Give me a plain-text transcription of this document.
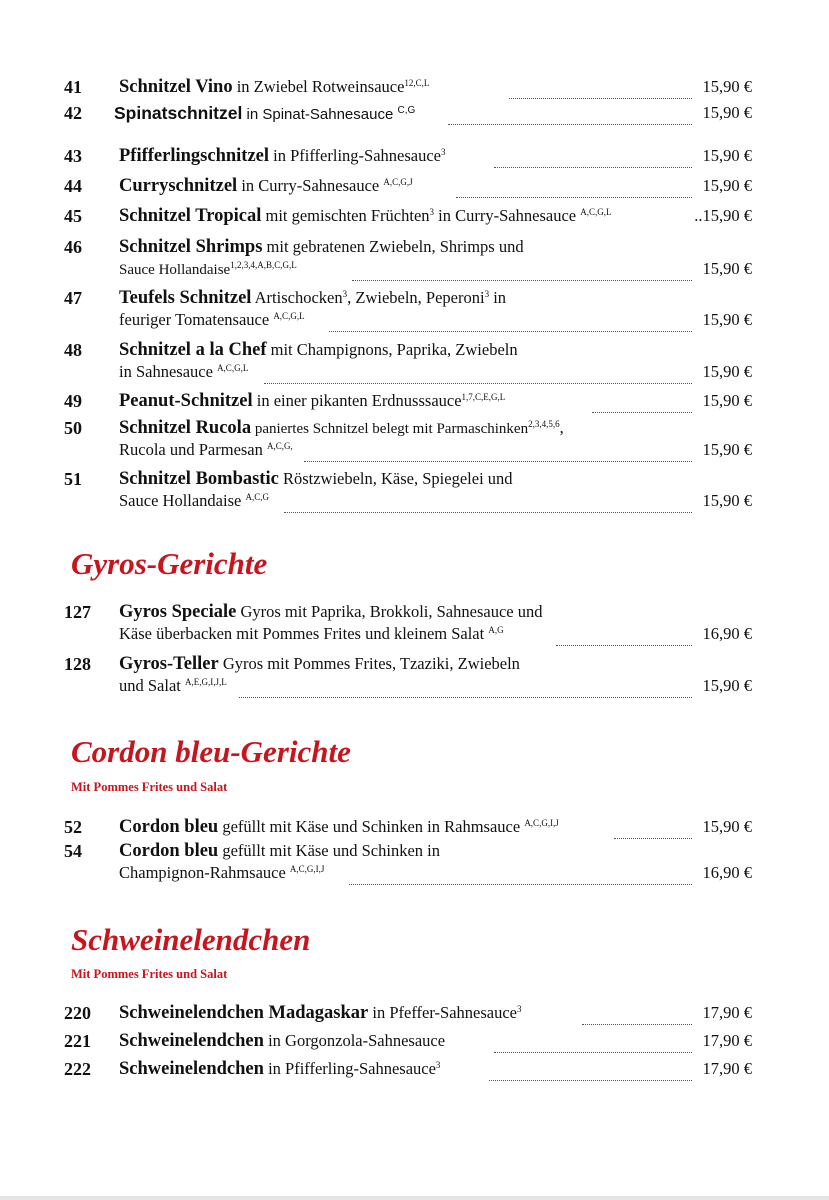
41 Schnitzel Vino in Zwiebel Rotweinsauce$^{12,C,L}$	15,90 €
42 Spinatschnitzel in Spinat-Sahnesauce $^{C,G}$	15,90 €
43 Pfifferlingschnitzel in Pfifferling-Sahnesauce$^3$	15,90 €
44 Curryschnitzel in Curry-Sahnesauce $^{A,C,G,J}$	15,90 €
45 Schnitzel Tropical mit gemischten Früchten$^3$ in Curry-Sahnesauce $^{A,C,G,L}$	..15,90 €
46 Schnitzel Shrimps mit gebratenen Zwiebeln, Shrimps und
Sauce Hollandaise$^{1,2,3,4,A,B,C,G,L}$	15,90 €
47 Teufels Schnitzel Artischocken$^3$, Zwiebeln, Peperoni$^3$ in
feuriger Tomatensauce $^{A,C,G,L}$	15,90 €
48 Schnitzel a la Chef mit Champignons, Paprika, Zwiebeln
in Sahnesauce $^{A,C,G,L}$	15,90 €
49 Peanut-Schnitzel in einer pikanten Erdnusssauce$^{1,7,C,E,G,L}$	15,90 €
50 Schnitzel Rucola paniertes Schnitzel belegt mit Parmaschinken$^{2,3,4,5,6}$,
Rucola und Parmesan $^{A,C,G,}$	15,90 €
51 Schnitzel Bombastic Röstzwiebeln, Käse, Spiegelei und
Sauce Hollandaise $^{A,C,G}$	15,90 €
Gyros-Gerichte
127 Gyros Speciale Gyros mit Paprika, Brokkoli, Sahnesauce und
Käse überbacken mit Pommes Frites und kleinem Salat $^{A,G}$	16,90 €
128 Gyros-Teller Gyros mit Pommes Frites, Tzaziki, Zwiebeln
und Salat $^{A,E,G,I,J,L}$	15,90 €
Cordon bleu-Gerichte
Mit Pommes Frites und Salat
52 Cordon bleu gefüllt mit Käse und Schinken in Rahmsauce $^{A,C,G,I,J}$	15,90 €
54 Cordon bleu gefüllt mit Käse und Schinken in
Champignon-Rahmsauce $^{A,C,G,I,J}$	16,90 €
Schweinelendchen
Mit Pommes Frites und Salat
220 Schweinelendchen Madagaskar in Pfeffer-Sahnesauce$^3$	17,90 €
221 Schweinelendchen in Gorgonzola-Sahnesauce	17,90 €
222 Schweinelendchen in Pfifferling-Sahnesauce$^3$	17,90 €
